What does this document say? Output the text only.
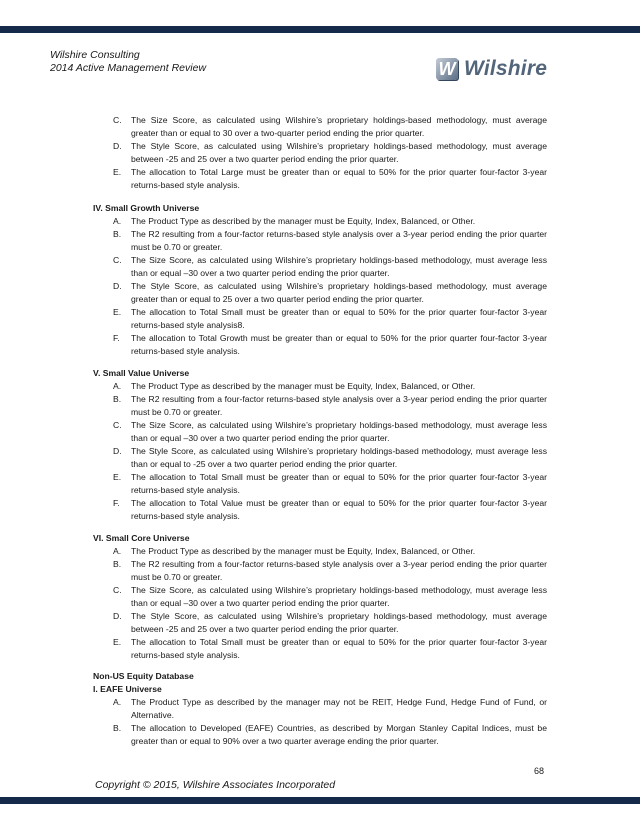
Wilshire Consulting
2014 Active Management Review	W Wilshire
C. The Size Score, as calculated using Wilshire’s proprietary holdings-based methodology, must average greater than or equal to 30 over a two-quarter period ending the prior quarter.
D. The Style Score, as calculated using Wilshire’s proprietary holdings-based methodology, must average between -25 and 25 over a two quarter period ending the prior quarter.
E. The allocation to Total Large must be greater than or equal to 50% for the prior quarter four-factor 3-year returns-based style analysis.
IV. Small Growth Universe
A. The Product Type as described by the manager must be Equity, Index, Balanced, or Other.
B. The R2 resulting from a four-factor returns-based style analysis over a 3-year period ending the prior quarter must be 0.70 or greater.
C. The Size Score, as calculated using Wilshire’s proprietary holdings-based methodology, must average less than or equal –30 over a two quarter period ending the prior quarter.
D. The Style Score, as calculated using Wilshire’s proprietary holdings-based methodology, must average greater than or equal to 25 over a two quarter period ending the prior quarter.
E. The allocation to Total Small must be greater than or equal to 50% for the prior quarter four-factor 3-year returns-based style analysis8.
F. The allocation to Total Growth must be greater than or equal to 50% for the prior quarter four-factor 3-year returns-based style analysis.
V. Small Value Universe
A. The Product Type as described by the manager must be Equity, Index, Balanced, or Other.
B. The R2 resulting from a four-factor returns-based style analysis over a 3-year period ending the prior quarter must be 0.70 or greater.
C. The Size Score, as calculated using Wilshire’s proprietary holdings-based methodology, must average less than or equal –30 over a two quarter period ending the prior quarter.
D. The Style Score, as calculated using Wilshire’s proprietary holdings-based methodology, must average less than or equal to -25 over a two quarter period ending the prior quarter.
E. The allocation to Total Small must be greater than or equal to 50% for the prior quarter four-factor 3-year returns-based style analysis.
F. The allocation to Total Value must be greater than or equal to 50% for the prior quarter four-factor 3-year returns-based style analysis.
VI. Small Core Universe
A. The Product Type as described by the manager must be Equity, Index, Balanced, or Other.
B. The R2 resulting from a four-factor returns-based style analysis over a 3-year period ending the prior quarter must be 0.70 or greater.
C. The Size Score, as calculated using Wilshire’s proprietary holdings-based methodology, must average less than or equal –30 over a two quarter period ending the prior quarter.
D. The Style Score, as calculated using Wilshire’s proprietary holdings-based methodology, must average between -25 and 25 over a two quarter period ending the prior quarter.
E. The allocation to Total Small must be greater than or equal to 50% for the prior quarter four-factor 3-year returns-based style analysis.
Non-US Equity Database
I. EAFE Universe
A. The Product Type as described by the manager may not be REIT, Hedge Fund, Hedge Fund of Fund, or Alternative.
B. The allocation to Developed (EAFE) Countries, as described by Morgan Stanley Capital Indices, must be greater than or equal to 90% over a two quarter average ending the prior quarter.
68
Copyright © 2015, Wilshire Associates Incorporated
